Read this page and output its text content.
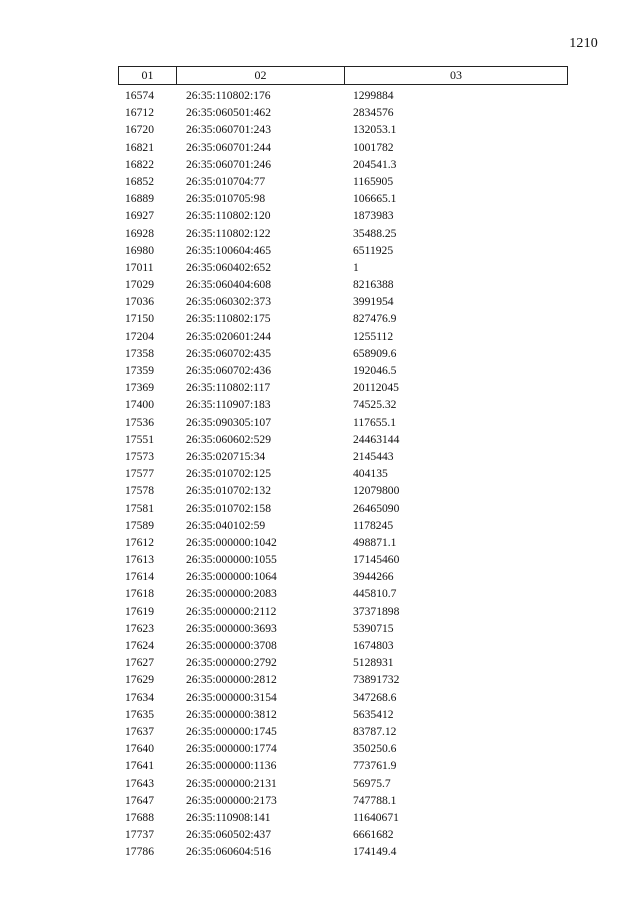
1210
01	02	03
16574	26:35:110802:176	1299884
16712	26:35:060501:462	2834576
16720	26:35:060701:243	132053.1
16821	26:35:060701:244	1001782
16822	26:35:060701:246	204541.3
16852	26:35:010704:77	1165905
16889	26:35:010705:98	106665.1
16927	26:35:110802:120	1873983
16928	26:35:110802:122	35488.25
16980	26:35:100604:465	6511925
17011	26:35:060402:652	1
17029	26:35:060404:608	8216388
17036	26:35:060302:373	3991954
17150	26:35:110802:175	827476.9
17204	26:35:020601:244	1255112
17358	26:35:060702:435	658909.6
17359	26:35:060702:436	192046.5
17369	26:35:110802:117	20112045
17400	26:35:110907:183	74525.32
17536	26:35:090305:107	117655.1
17551	26:35:060602:529	24463144
17573	26:35:020715:34	2145443
17577	26:35:010702:125	404135
17578	26:35:010702:132	12079800
17581	26:35:010702:158	26465090
17589	26:35:040102:59	1178245
17612	26:35:000000:1042	498871.1
17613	26:35:000000:1055	17145460
17614	26:35:000000:1064	3944266
17618	26:35:000000:2083	445810.7
17619	26:35:000000:2112	37371898
17623	26:35:000000:3693	5390715
17624	26:35:000000:3708	1674803
17627	26:35:000000:2792	5128931
17629	26:35:000000:2812	73891732
17634	26:35:000000:3154	347268.6
17635	26:35:000000:3812	5635412
17637	26:35:000000:1745	83787.12
17640	26:35:000000:1774	350250.6
17641	26:35:000000:1136	773761.9
17643	26:35:000000:2131	56975.7
17647	26:35:000000:2173	747788.1
17688	26:35:110908:141	11640671
17737	26:35:060502:437	6661682
17786	26:35:060604:516	174149.4
